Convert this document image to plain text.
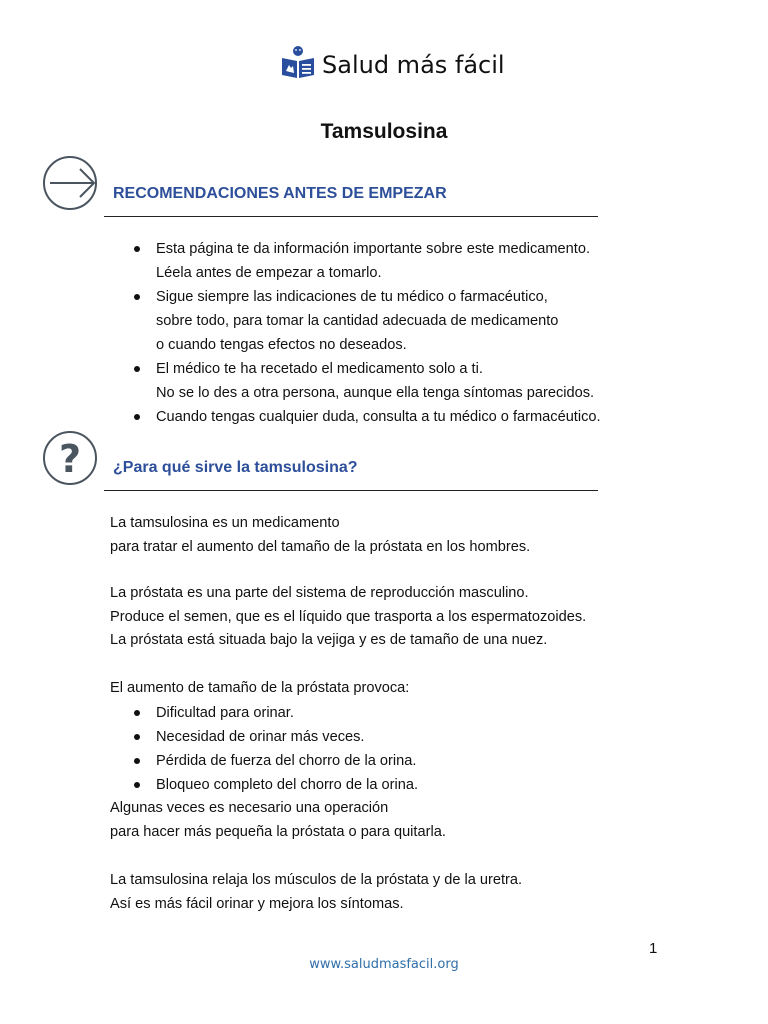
Salud más fácil
Tamsulosina
RECOMENDACIONES ANTES DE EMPEZAR
Esta página te da información importante sobre este medicamento.
Léela antes de empezar a tomarlo.
Sigue siempre las indicaciones de tu médico o farmacéutico,
sobre todo, para tomar la cantidad adecuada de medicamento
o cuando tengas efectos no deseados.
El médico te ha recetado el medicamento solo a ti.
No se lo des a otra persona, aunque ella tenga síntomas parecidos.
Cuando tengas cualquier duda, consulta a tu médico o farmacéutico.
? ¿Para qué sirve la tamsulosina?
La tamsulosina es un medicamento
para tratar el aumento del tamaño de la próstata en los hombres.
La próstata es una parte del sistema de reproducción masculino.
Produce el semen, que es el líquido que trasporta a los espermatozoides.
La próstata está situada bajo la vejiga y es de tamaño de una nuez.
El aumento de tamaño de la próstata provoca:
Dificultad para orinar.
Necesidad de orinar más veces.
Pérdida de fuerza del chorro de la orina.
Bloqueo completo del chorro de la orina.
Algunas veces es necesario una operación
para hacer más pequeña la próstata o para quitarla.
La tamsulosina relaja los músculos de la próstata y de la uretra.
Así es más fácil orinar y mejora los síntomas.
1
www.saludmasfacil.org
